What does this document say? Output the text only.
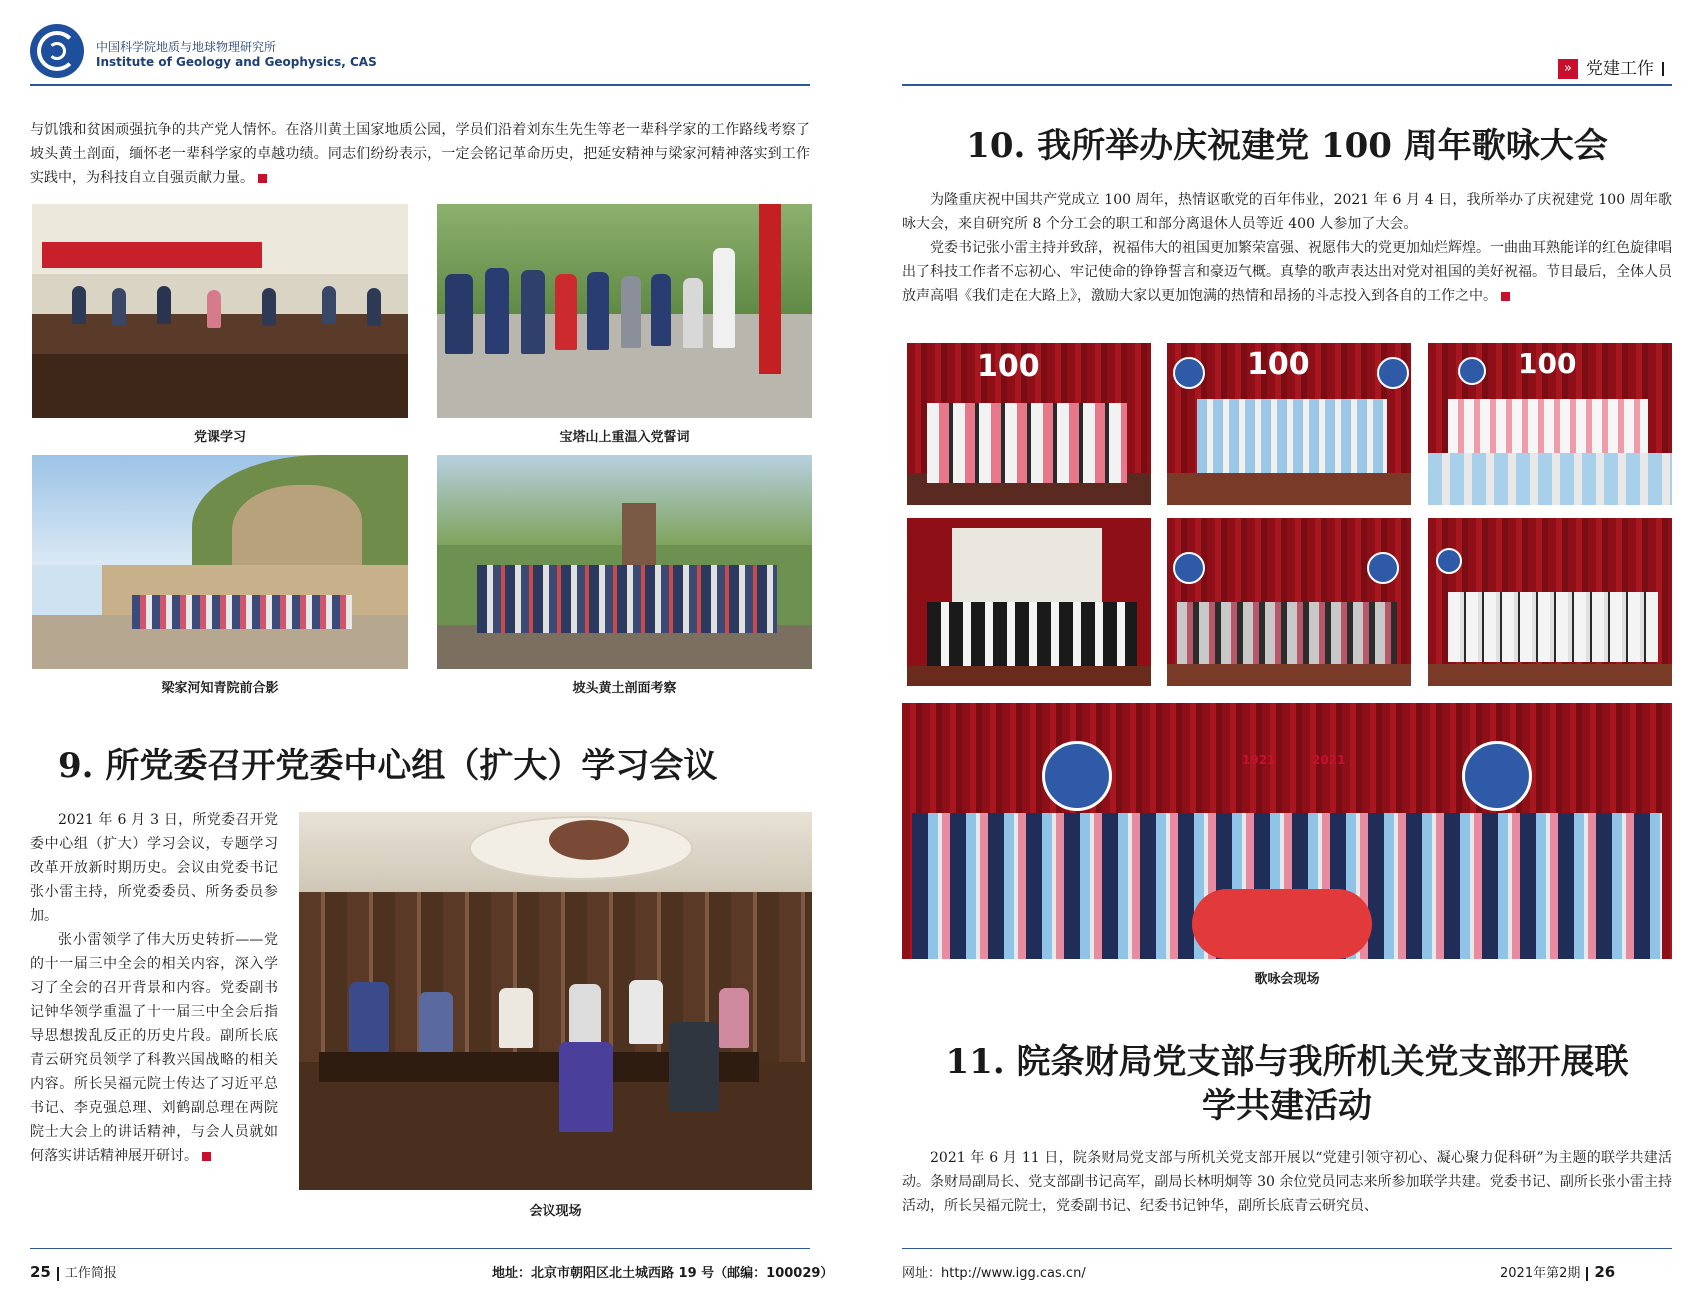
中国科学院地质与地球物理研究所
Institute of Geology and Geophysics, CAS
与饥饿和贫困顽强抗争的共产党人情怀。在洛川黄土国家地质公园，学员们沿着刘东生先生等老一辈科学家的工作路线考察了坡头黄土剖面，缅怀老一辈科学家的卓越功绩。同志们纷纷表示，一定会铭记革命历史，把延安精神与梁家河精神落实到工作实践中，为科技自立自强贡献力量。
党课学习	宝塔山上重温入党誓词
梁家河知青院前合影	坡头黄土剖面考察
9. 所党委召开党委中心组（扩大）学习会议
2021 年 6 月 3 日，所党委召开党委中心组（扩大）学习会议，专题学习改革开放新时期历史。会议由党委书记张小雷主持，所党委委员、所务委员参加。
张小雷领学了伟大历史转折——党的十一届三中全会的相关内容，深入学习了全会的召开背景和内容。党委副书记钟华领学重温了十一届三中全会后指导思想拨乱反正的历史片段。副所长底青云研究员领学了科教兴国战略的相关内容。所长吴福元院士传达了习近平总书记、李克强总理、刘鹤副总理在两院院士大会上的讲话精神，与会人员就如何落实讲话精神展开研讨。
会议现场
25 工作简报	地址：北京市朝阳区北土城西路 19 号（邮编：100029）
» 党建工作
10. 我所举办庆祝建党 100 周年歌咏大会
为隆重庆祝中国共产党成立 100 周年，热情讴歌党的百年伟业，2021 年 6 月 4 日，我所举办了庆祝建党 100 周年歌咏大会，来自研究所 8 个分工会的职工和部分离退休人员等近 400 人参加了大会。
党委书记张小雷主持并致辞，祝福伟大的祖国更加繁荣富强、祝愿伟大的党更加灿烂辉煌。一曲曲耳熟能详的红色旋律唱出了科技工作者不忘初心、牢记使命的铮铮誓言和豪迈气概。真挚的歌声表达出对党对祖国的美好祝福。节目最后，全体人员放声高唱《我们走在大路上》，激励大家以更加饱满的热情和昂扬的斗志投入到各自的工作之中。
100	100	100
1921	2021
歌咏会现场
11. 院条财局党支部与我所机关党支部开展联
学共建活动
2021 年 6 月 11 日，院条财局党支部与所机关党支部开展以“党建引领守初心、凝心聚力促科研”为主题的联学共建活动。条财局副局长、党支部副书记高军，副局长林明炯等 30 余位党员同志来所参加联学共建。党委书记、副所长张小雷主持活动，所长吴福元院士，党委副书记、纪委书记钟华，副所长底青云研究员、
网址：http://www.igg.cas.cn/	2021年第2期 26
